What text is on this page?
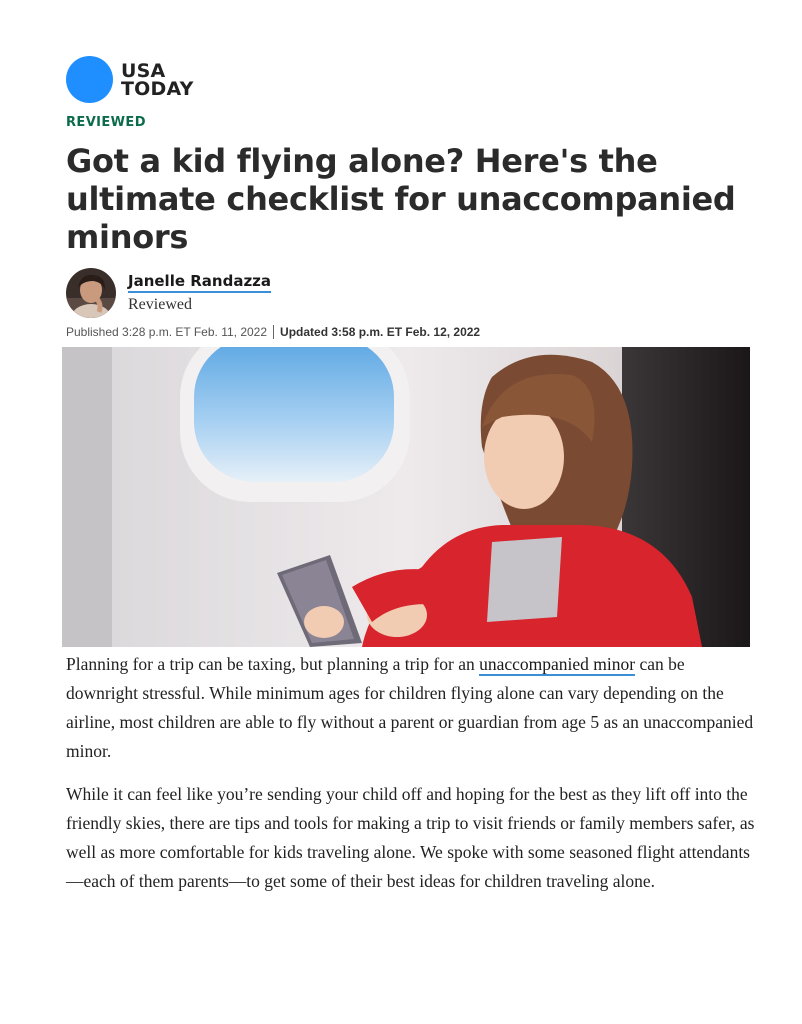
USA
TODAY
REVIEWED
Got a kid flying alone? Here's the ultimate checklist for unaccompanied minors
Janelle Randazza
Reviewed
Published 3:28 p.m. ET Feb. 11, 2022 Updated 3:58 p.m. ET Feb. 12, 2022

Planning for a trip can be taxing, but planning a trip for an unaccompanied minor can be downright stressful. While minimum ages for children flying alone can vary depending on the airline, most children are able to fly without a parent or guardian from age 5 as an unaccompanied minor.

While it can feel like you’re sending your child off and hoping for the best as they lift off into the friendly skies, there are tips and tools for making a trip to visit friends or family members safer, as well as more comfortable for kids traveling alone. We spoke with some seasoned flight attendants—each of them parents—to get some of their best ideas for children traveling alone.
